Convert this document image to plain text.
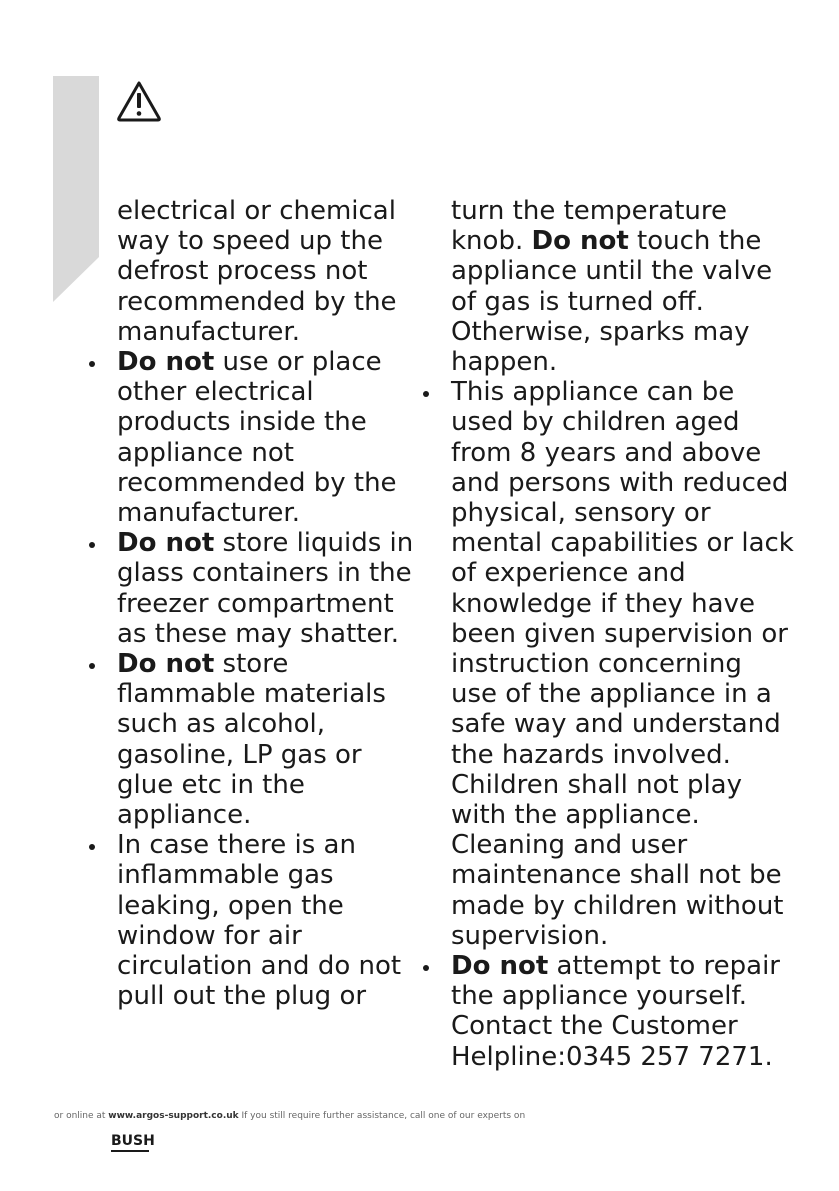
electrical or chemical way to speed up the defrost process not recommended by the manufacturer.

Do not use or place other electrical products inside the appliance not recommended by the manufacturer.
Do not store liquids in glass containers in the freezer compartment as these may shatter.
Do not store flammable materials such as alcohol, gasoline, LP gas or glue etc in the appliance.
In case there is an inflammable gas leaking, open the window for air circulation and do not pull out the plug or

turn the temperature knob. Do not touch the appliance until the valve of gas is turned off. Otherwise, sparks may happen.

This appliance can be used by children aged from 8 years and above and persons with reduced physical, sensory or mental capabilities or lack of experience and knowledge if they have been given supervision or instruction concerning use of the appliance in a safe way and understand the hazards involved. Children shall not play with the appliance. Cleaning and user maintenance shall not be made by children without supervision.
Do not attempt to repair the appliance yourself. Contact the Customer Helpline:0345 257 7271.
or online at www.argos-support.co.uk If you still require further assistance, call one of our experts on
BUSH
